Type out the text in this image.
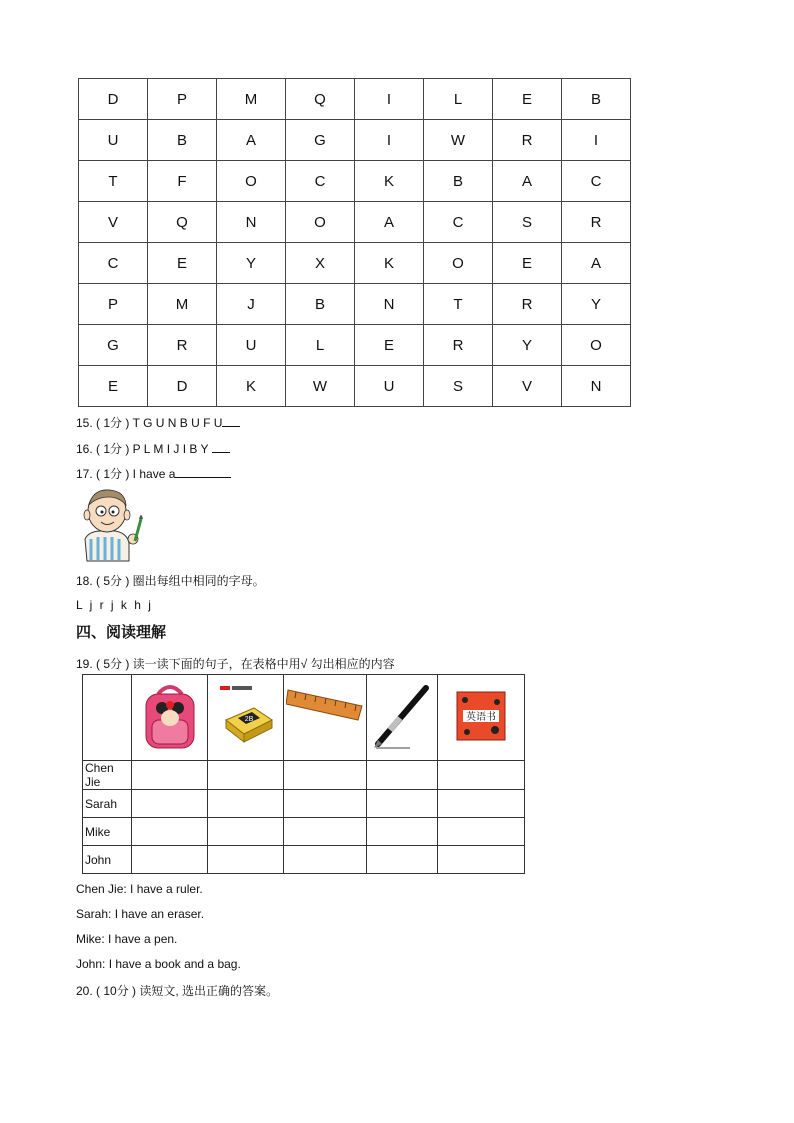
D	P	M	Q	I	L	E	B
U	B	A	G	I	W	R	I
T	F	O	C	K	B	A	C
V	Q	N	O	A	C	S	R
C	E	Y	X	K	O	E	A
P	M	J	B	N	T	R	Y
G	R	U	L	E	R	Y	O
E	D	K	W	U	S	V	N
15. ( 1分 ) T G U N B U F U
16. ( 1分 ) P L M I J I B Y
17. ( 1分 ) I have a
18. ( 5分 ) 圈出每组中相同的字母。
L j r j k h j
四、阅读理解
19. ( 5分 ) 读一读下面的句子，在表格中用√ 勾出相应的内容

2B			英语书

Chen Jie					
Sarah					
Mike					
John					
Chen Jie: I have a ruler.
Sarah: I have an eraser.
Mike: I have a pen.
John: I have a book and a bag.
20. ( 10分 ) 读短文, 选出正确的答案。
